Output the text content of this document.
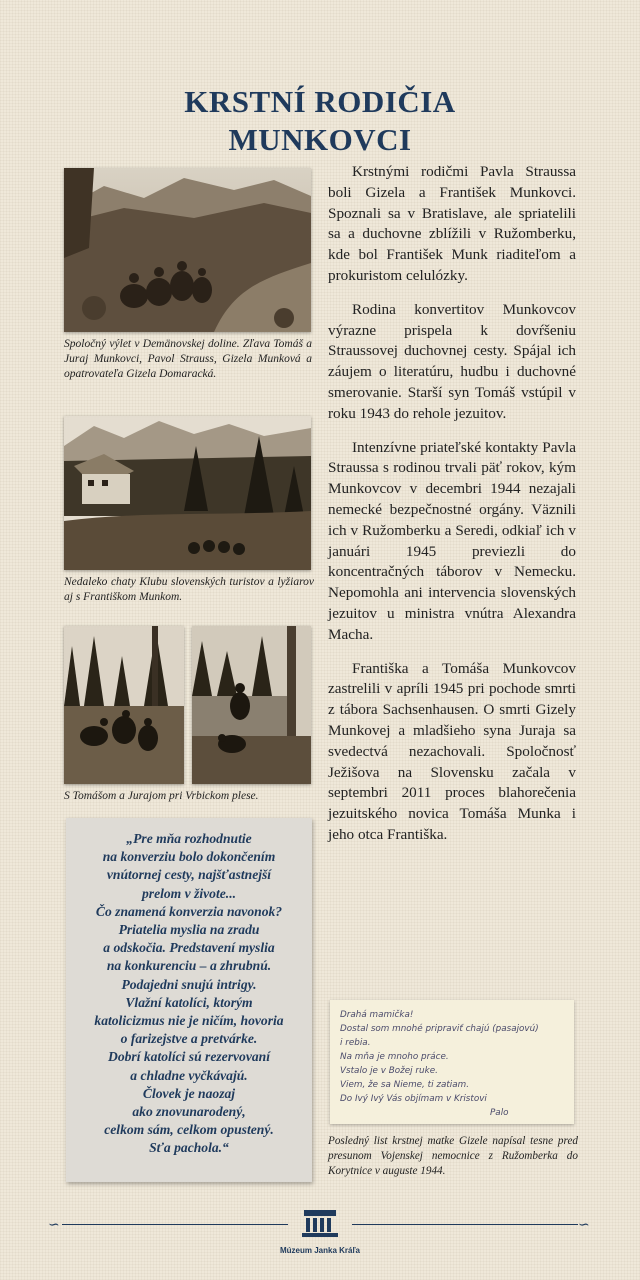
KRSTNÍ RODIČIA
MUNKOVCI
Spoločný výlet v Demänovskej doline. Zľava Tomáš a Juraj Munkovci, Pavol Strauss, Gizela Munková a opatrovateľa Gizela Domaracká.
Nedaleko chaty Klubu slovenských turistov a lyžiarov aj s Františkom Munkom.
S Tomášom a Jurajom pri Vrbickom plese.

Krstnými rodičmi Pavla Straussa boli Gizela a František Munkovci. Spoznali sa v Bratislave, ale spriatelili sa a duchovne zblížili v Ružomberku, kde bol František Munk riaditeľom a prokuristom celulózky.

Rodina konvertitov Munkovcov výrazne prispela k dovŕšeniu Straussovej duchovnej cesty. Spájal ich záujem o literatúru, hudbu i duchovné smerovanie. Starší syn Tomáš vstúpil v roku 1943 do rehole jezuitov.

Intenzívne priateľské kontakty Pavla Straussa s rodinou trvali päť rokov, kým Munkovcov v decembri 1944 nezajali nemecké bezpečnostné orgány. Väznili ich v Ružomberku a Seredi, odkiaľ ich v januári 1945 previezli do koncentračných táborov v Nemecku. Nepomohla ani intervencia slovenských jezuitov u ministra vnútra Alexandra Macha.

Františka a Tomáša Munkovcov zastrelili v apríli 1945 pri pochode smrti z tábora Sachsenhausen. O smrti Gizely Munkovej a mladšieho syna Juraja sa svedectvá nezachovali. Spoločnosť Ježišova na Slovensku začala v septembri 2011 proces blahorečenia jezuitského novica Tomáša Munka i jeho otca Františka.

„Pre mňa rozhodnutie
na konverziu bolo dokončením
vnútornej cesty, najšťastnejší
prelom v živote...
Čo znamená konverzia navonok?
Priatelia myslia na zradu
a odskočia. Predstavení myslia
na konkurenciu – a zhrubnú.
Podajedni snujú intrigy.
Vlažní katolíci, ktorým
katolicizmus nie je ničím, hovoria
o farizejstve a pretvárke.
Dobrí katolíci sú rezervovaní
a chladne vyčkávajú.
Človek je naozaj
ako znovunarodený,
celkom sám, celkom opustený.
Sťa pachola.“
Drahá mamička!
Dostal som mnohé pripraviť chajú (pasajovú)
i rebia.
Na mňa je mnoho práce.
Vstalo je v Božej ruke.
Viem, že sa Nieme, ti zatiam.
Do Ivý Ivý Vás objímam v Kristovi
Palo
Posledný list krstnej matke Gizele napísal tesne pred presunom Vojenskej nemocnice z Ružomberka do Korytnice v auguste 1944.
∽	∽
Múzeum Janka Kráľa
